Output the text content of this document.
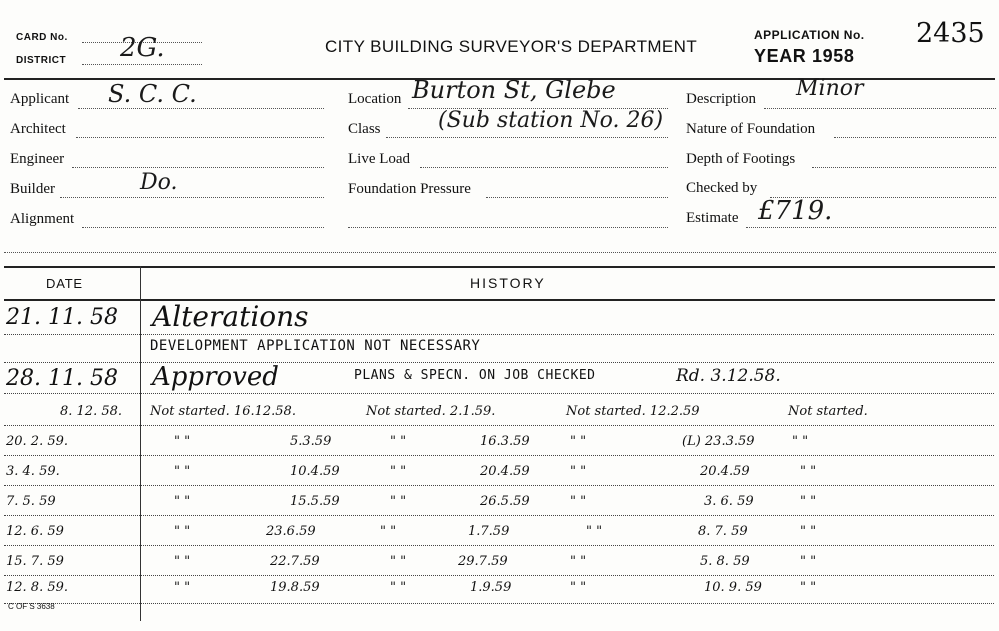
CARD No.
DISTRICT 2G.	CITY BUILDING SURVEYOR'S DEPARTMENT
APPLICATION No.
YEAR 1958
2435
Applicant S. C. C.
Architect
Engineer
Builder	Do.
Alignment
Location Burton St, Glebe
Class	(Sub station No. 26)
Live Load
Foundation Pressure
Description Minor
Nature of Foundation
Depth of Footings
Checked by
Estimate £719.
DATE	HISTORY
21. 11. 58 Alterations
DEVELOPMENT APPLICATION NOT NECESSARY
28. 11. 58 Approved	PLANS & SPECN. ON JOB CHECKED	Rd. 3.12.58.
8. 12. 58. Not started. 16.12.58.	Not started. 2.1.59.	Not started. 12.2.59	Not started.
20. 2. 59.	" "	5.3.59	" "	16.3.59	" "	(L) 23.3.59	" "
3. 4. 59.	" "	10.4.59	" "	20.4.59	" "	20.4.59	" "
7. 5. 59	" "	15.5.59	" "	26.5.59	" "	3. 6. 59	" "
12. 6. 59	" "	23.6.59	" "	1.7.59	" "	8. 7. 59	" "
15. 7. 59	" "	22.7.59	" "	29.7.59	" "	5. 8. 59	" "
12. 8. 59.	" "	19.8.59	" "	1.9.59	" "	10. 9. 59	" "
C OF S 3638
